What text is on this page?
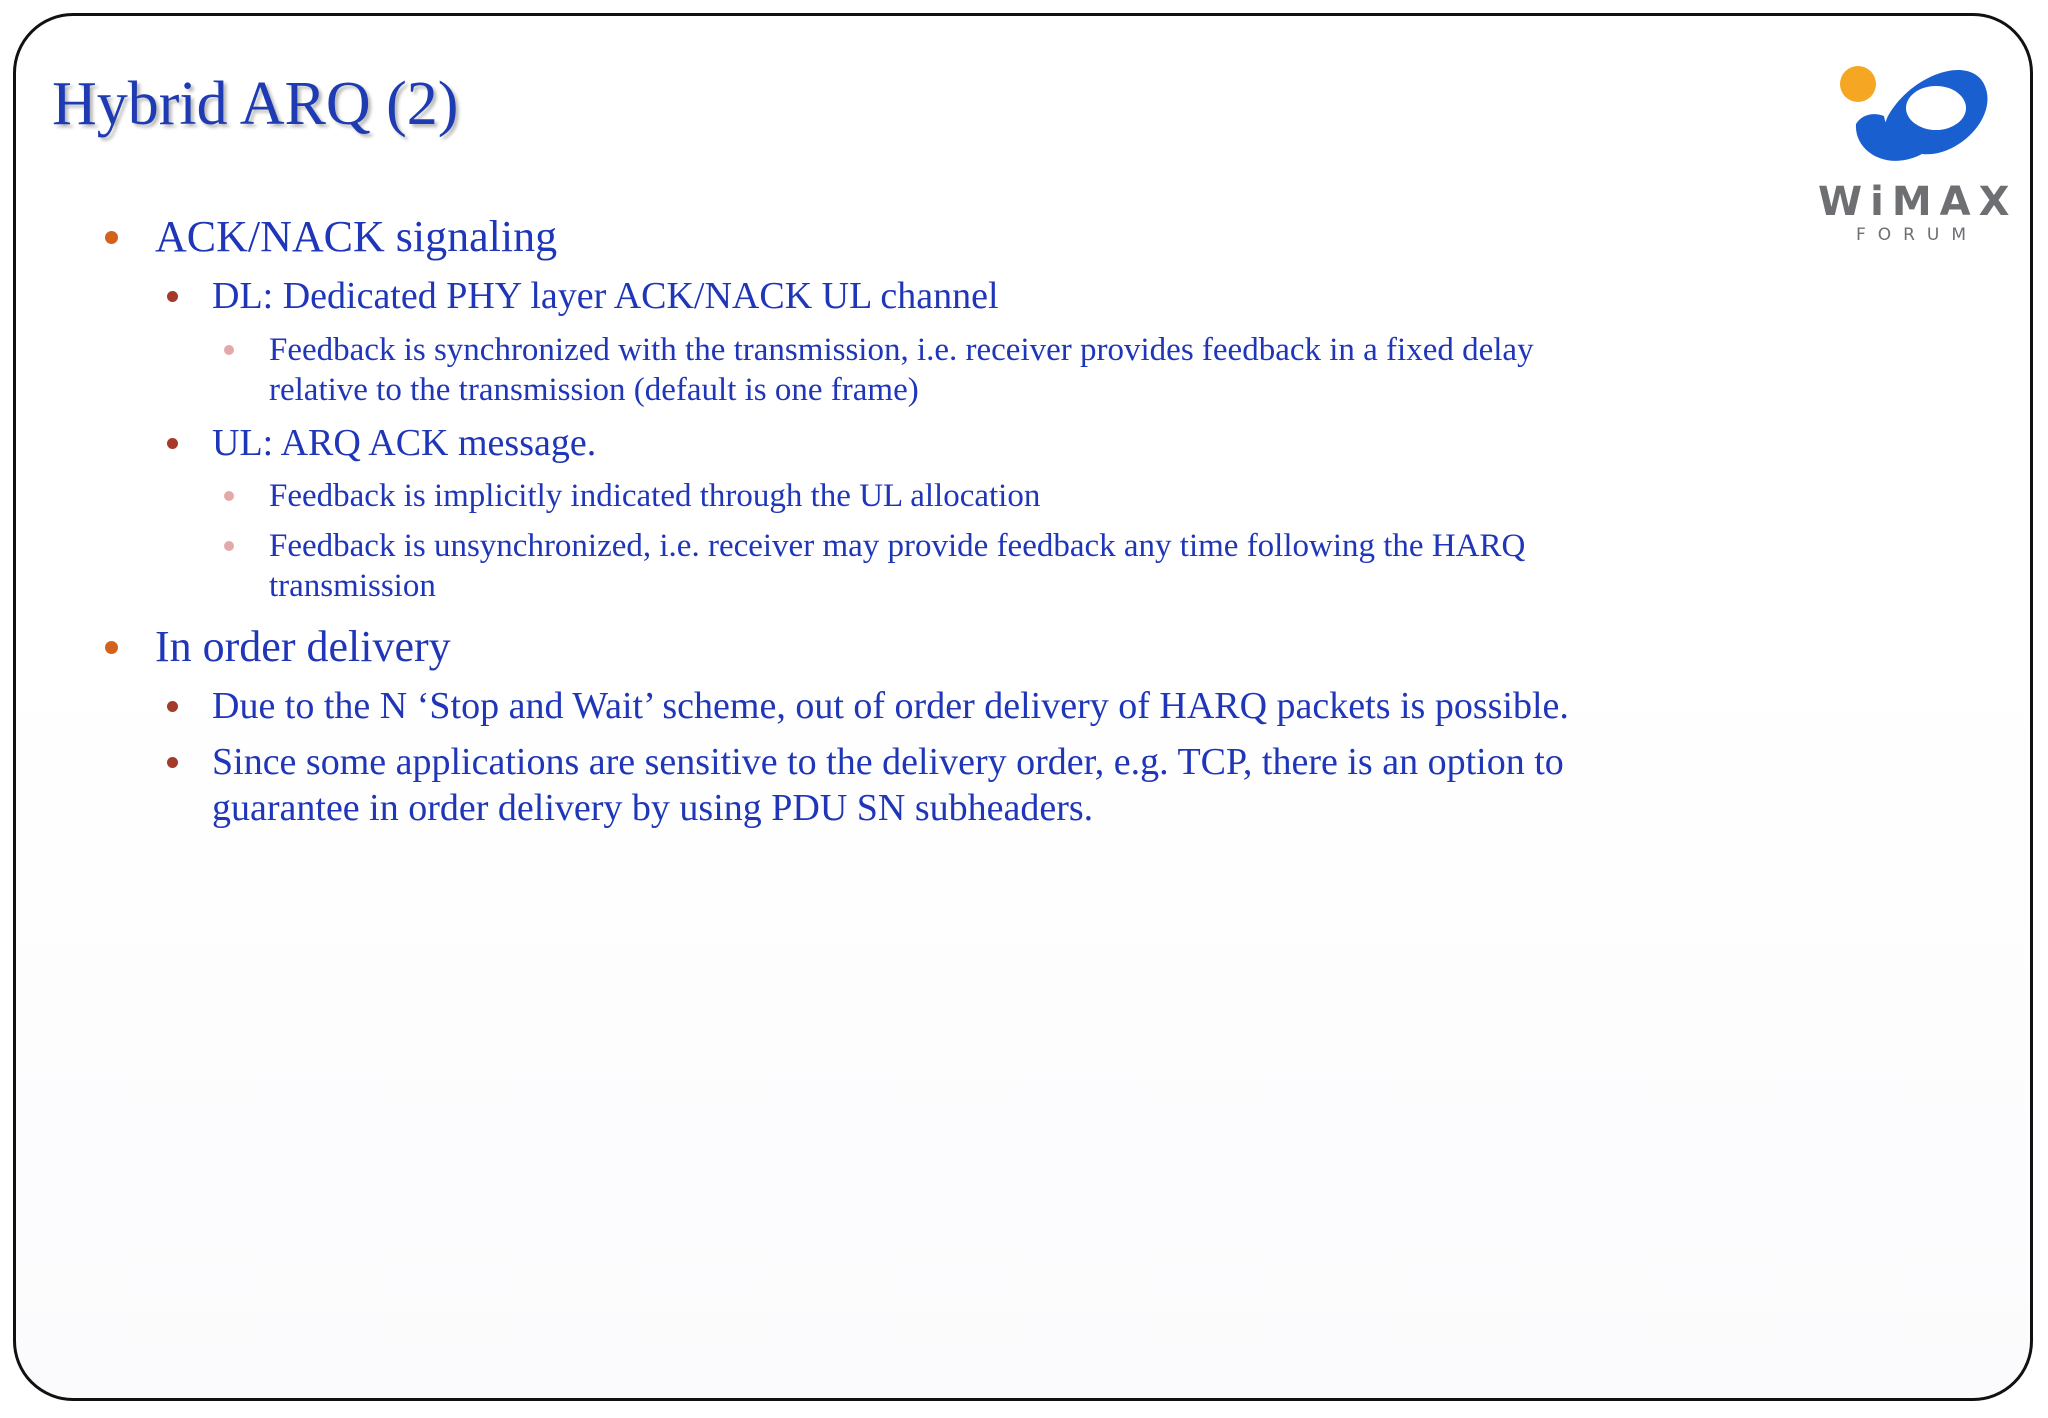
Hybrid ARQ (2)
WiMAX
FORUM
ACK/NACK signaling
DL: Dedicated PHY layer ACK/NACK UL channel
Feedback is synchronized with the transmission, i.e. receiver provides feedback in a fixed delay
relative to the transmission (default is one frame)
UL: ARQ ACK message.
Feedback is implicitly indicated through the UL allocation
Feedback is unsynchronized, i.e. receiver may provide feedback any time following the HARQ
transmission
In order delivery
Due to the N ‘Stop and Wait’ scheme, out of order delivery of HARQ packets is possible.
Since some applications are sensitive to the delivery order, e.g. TCP, there is an option to
guarantee in order delivery by using PDU SN subheaders.
